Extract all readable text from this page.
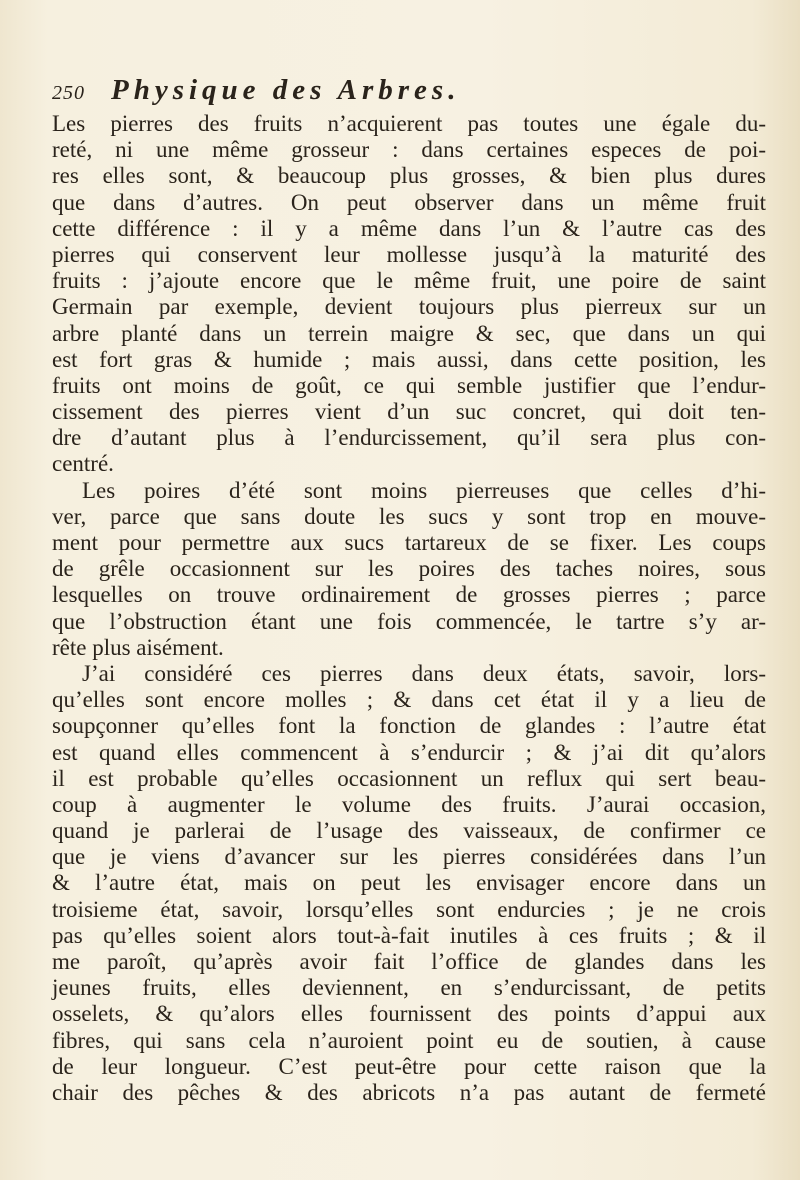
250 Physique des Arbres.
Les pierres des fruits n’acquierent pas toutes une égale du-
reté, ni une même grosseur : dans certaines especes de poi-
res elles sont, & beaucoup plus grosses, & bien plus dures
que dans d’autres. On peut observer dans un même fruit
cette différence : il y a même dans l’un & l’autre cas des
pierres qui conservent leur mollesse jusqu’à la maturité des
fruits : j’ajoute encore que le même fruit, une poire de saint
Germain par exemple, devient toujours plus pierreux sur un
arbre planté dans un terrein maigre & sec, que dans un qui
est fort gras & humide ; mais aussi, dans cette position, les
fruits ont moins de goût, ce qui semble justifier que l’endur-
cissement des pierres vient d’un suc concret, qui doit ten-
dre d’autant plus à l’endurcissement, qu’il sera plus con-
centré.
Les poires d’été sont moins pierreuses que celles d’hi-
ver, parce que sans doute les sucs y sont trop en mouve-
ment pour permettre aux sucs tartareux de se fixer. Les coups
de grêle occasionnent sur les poires des taches noires, sous
lesquelles on trouve ordinairement de grosses pierres ; parce
que l’obstruction étant une fois commencée, le tartre s’y ar-
rête plus aisément.
J’ai considéré ces pierres dans deux états, savoir, lors-
qu’elles sont encore molles ; & dans cet état il y a lieu de
soupçonner qu’elles font la fonction de glandes : l’autre état
est quand elles commencent à s’endurcir ; & j’ai dit qu’alors
il est probable qu’elles occasionnent un reflux qui sert beau-
coup à augmenter le volume des fruits. J’aurai occasion,
quand je parlerai de l’usage des vaisseaux, de confirmer ce
que je viens d’avancer sur les pierres considérées dans l’un
& l’autre état, mais on peut les envisager encore dans un
troisieme état, savoir, lorsqu’elles sont endurcies ; je ne crois
pas qu’elles soient alors tout-à-fait inutiles à ces fruits ; & il
me paroît, qu’après avoir fait l’office de glandes dans les
jeunes fruits, elles deviennent, en s’endurcissant, de petits
osselets, & qu’alors elles fournissent des points d’appui aux
fibres, qui sans cela n’auroient point eu de soutien, à cause
de leur longueur. C’est peut-être pour cette raison que la
chair des pêches & des abricots n’a pas autant de fermeté
